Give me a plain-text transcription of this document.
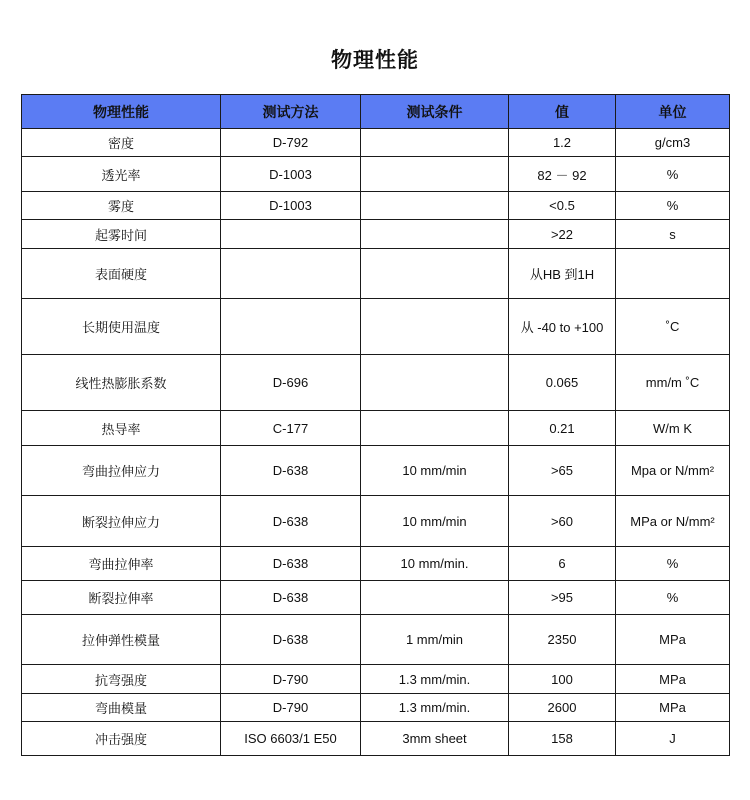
物理性能
物理性能	测试方法	测试条件	值	单位
密度	D-792		1.2	g/cm3
透光率	D-1003		82 － 92	%
雾度	D-1003		<0.5	%
起雾时间			>22	s
表面硬度			从HB 到1H	
长期使用温度			从 -40 to +100	˚C
线性热膨胀系数	D-696		0.065	mm/m ˚C
热导率	C-177		0.21	W/m K
弯曲拉伸应力	D-638	10 mm/min	>65	Mpa or N/mm²
断裂拉伸应力	D-638	10 mm/min	>60	MPa or N/mm²
弯曲拉伸率	D-638	10 mm/min.	6	%
断裂拉伸率	D-638		>95	%
拉伸弹性模量	D-638	1 mm/min	2350	MPa
抗弯强度	D-790	1.3 mm/min.	100	MPa
弯曲模量	D-790	1.3 mm/min.	2600	MPa
冲击强度	ISO 6603/1 E50	3mm sheet	158	J
